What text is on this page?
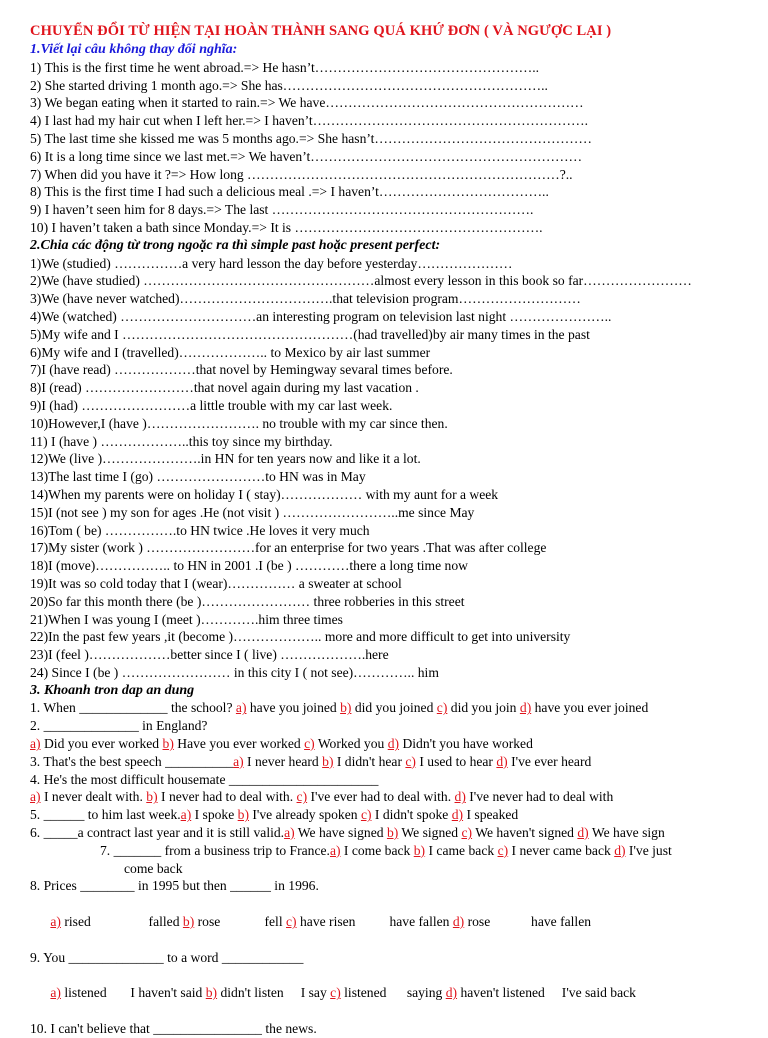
CHUYỂN ĐỔI TỪ HIỆN TẠI HOÀN THÀNH SANG QUÁ KHỨ ĐƠN ( VÀ NGƯỢC LẠI )
1.Viết lại câu không thay đổi nghĩa:
1) This is the first time he went abroad.=> He hasn’t…………………………………………..
2) She started driving 1 month ago.=> She has…………………………………………………..
3) We began eating when it started to rain.=> We have…………………………………………………
4) I last had my hair cut when I left her.=> I haven’t…………………………………………………….
5) The last time she kissed me was 5 months ago.=> She hasn’t…………………………………………
6) It is a long time since we last met.=> We haven’t……………………………………………………
7) When did you have it ?=> How long ……………………………………………………………?..
8) This is the first time I had such a delicious meal .=> I haven’t………………………………..
9) I haven’t seen him for 8 days.=> The last ………………………………………………….
10) I haven’t taken a bath since Monday.=> It is ……………………………………………….
2.Chia các động từ trong ngoặc ra thì simple past hoặc present perfect:
1)We (studied) ……………a very hard lesson the day before yesterday…………………
2)We (have studied) ……………………………………………almost every lesson in this book so far……………………
3)We (have never watched)…………………………….that television program………………………
4)We (watched) …………………………an interesting program on television last night …………………..
5)My wife and I ……………………………………………(had travelled)by air many times in the past
6)My wife and I (travelled)……………….. to Mexico by air last summer
7)I (have read) ………………that novel by Hemingway sevaral times before.
8)I (read) ……………………that novel again during my last vacation .
9)I (had) ……………………a little trouble with my car last week.
10)However,I (have )……………………. no trouble with my car since then.
11) I (have ) ………………..this toy since my birthday.
12)We (live )………………….in HN for ten years now and like it a lot.
13)The last time I (go) ……………………to HN was in May
14)When my parents were on holiday I ( stay)……………… with my aunt for a week
15)I (not see ) my son for ages .He (not visit ) ……………………..me since May
16)Tom ( be) …………….to HN twice .He loves it very much
17)My sister (work ) ……………………for an enterprise for two years .That was after college
18)I (move)…………….. to HN in 2001 .I (be ) …………there a long time now
19)It was so cold today that I (wear)…………… a sweater at school
20)So far this month there (be )…………………… three robberies in this street
21)When I was young I (meet )………….him three times
22)In the past few years ,it (become )……………….. more and more difficult to get into university
23)I (feel )………………better since I ( live) ……………….here
24) Since I (be ) …………………… in this city I ( not see)………….. him
3. Khoanh tron dap an dung
1. When _____________ the school? a) have you joined b) did you joined c) did you join d) have you ever joined
2. ______________ in England?
a) Did you ever worked b) Have you ever worked c) Worked you d) Didn't you have worked
3. That's the best speech __________a) I never heard b) I didn't hear c) I used to hear d) I've ever heard
4. He's the most difficult housemate ______________________
a) I never dealt with. b) I never had to deal with. c) I've ever had to deal with. d) I've never had to deal with
5. ______ to him last week.a) I spoke b) I've already spoken c) I didn't spoke d) I speaked
6. _____a contract last year and it is still valid.a) We have signed b) We signed c) We haven't signed d) We have sign
7. _______ from a business trip to France.a) I come back b) I came back c) I never came back d) I've just
come back
8. Prices ________ in 1995 but then ______ in 1996.

a) rised                 falled b) rose             fell c) have risen          have fallen d) rose            have fallen

9. You ______________ to a word ____________

a) listened       I haven't said b) didn't listen     I say c) listened      saying d) haven't listened     I've said back

10. I can't believe that ________________ the news.
